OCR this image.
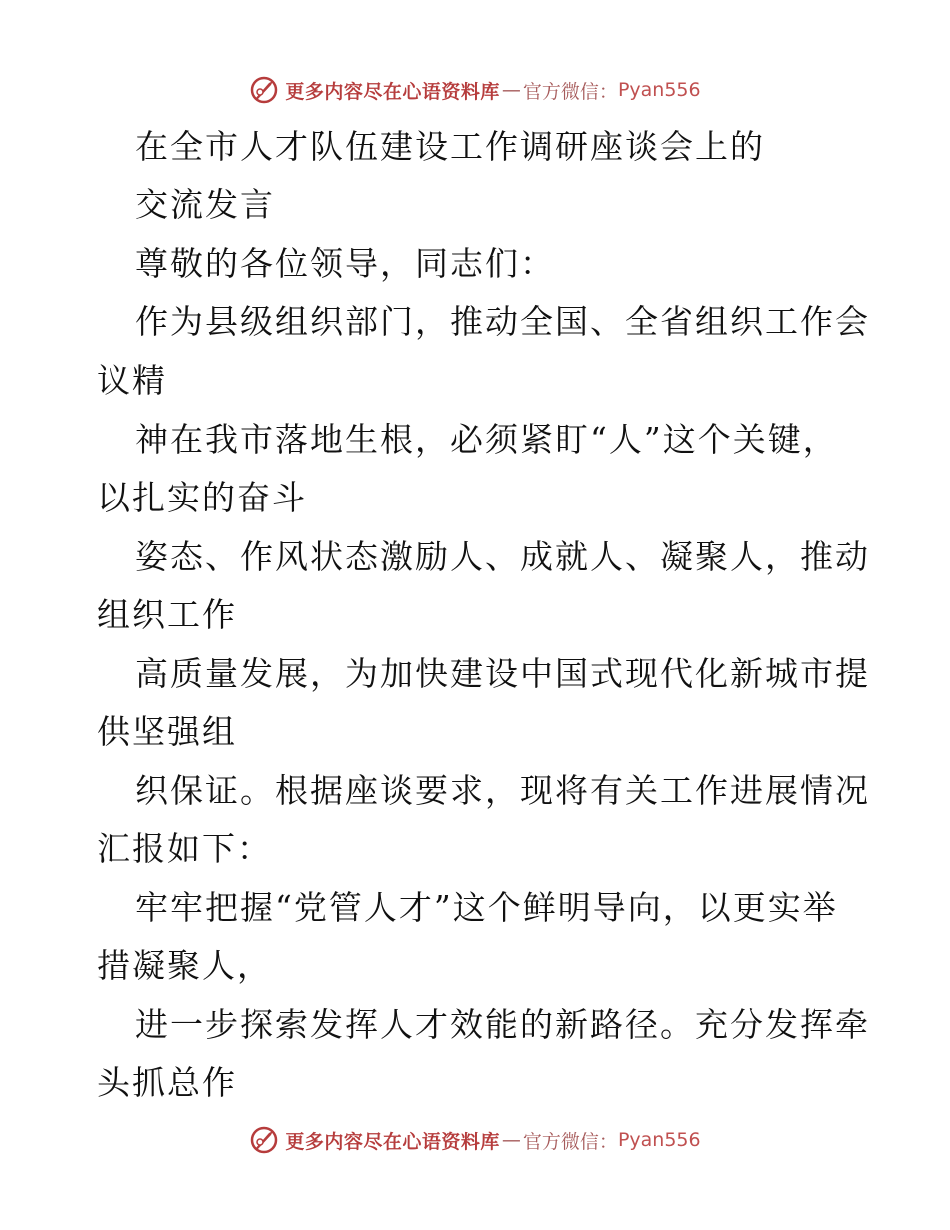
更多内容尽在心语资料库 — 官方微信： Pyan556
在全市人才队伍建设工作调研座谈会上的
交流发言
尊敬的各位领导，同志们：
作为县级组织部门，推动全国、全省组织工作会
议精
神在我市落地生根，必须紧盯“人”这个关键，
以扎实的奋斗
姿态、作风状态激励人、成就人、凝聚人，推动
组织工作
高质量发展，为加快建设中国式现代化新城市提
供坚强组
织保证。根据座谈要求，现将有关工作进展情况
汇报如下：
牢牢把握“党管人才”这个鲜明导向，以更实举
措凝聚人，
进一步探索发挥人才效能的新路径。充分发挥牵
头抓总作
更多内容尽在心语资料库 — 官方微信： Pyan556
